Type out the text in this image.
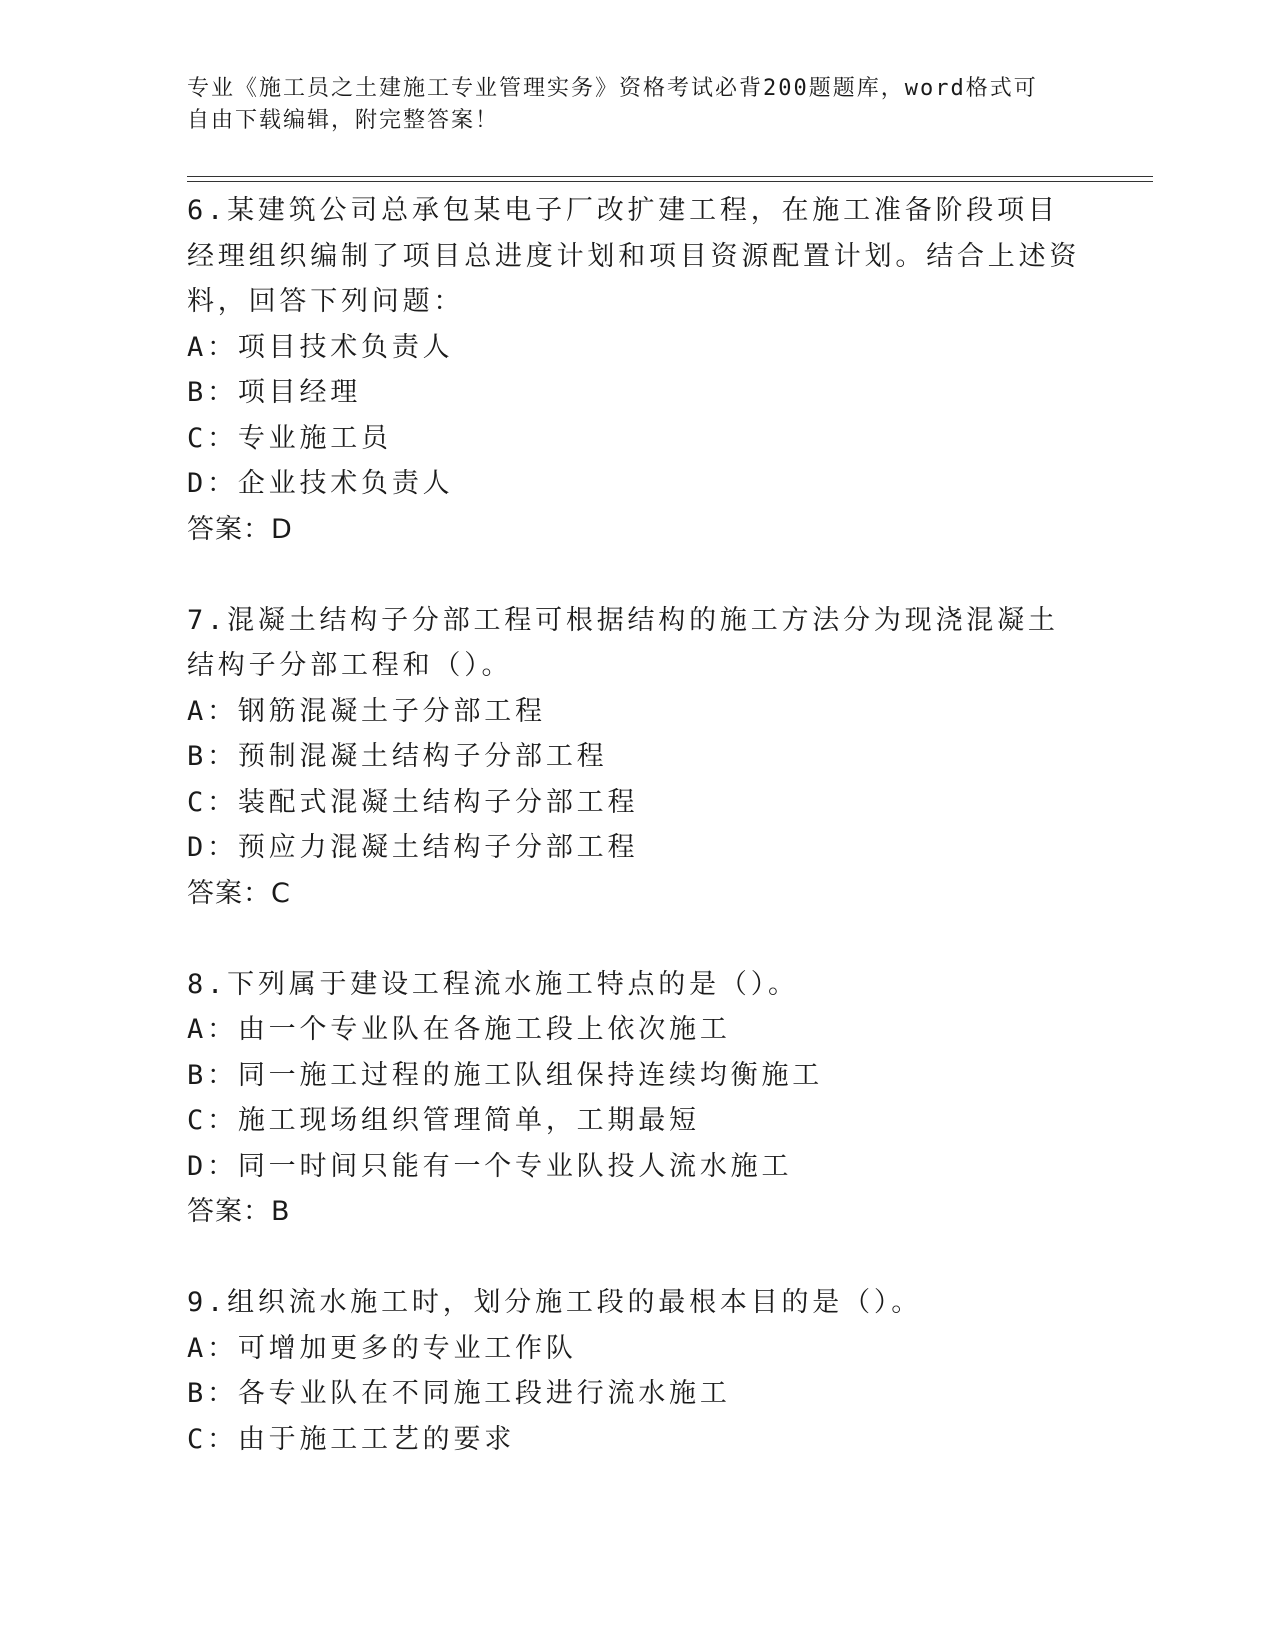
专业《施工员之土建施工专业管理实务》资格考试必背200题题库，word格式可
自由下载编辑，附完整答案！
6.某建筑公司总承包某电子厂改扩建工程，在施工准备阶段项目经理组织编制了项目总进度计划和项目资源配置计划。结合上述资料，回答下列问题：
A：项目技术负责人
B：项目经理
C：专业施工员
D：企业技术负责人
答案：D
7.混凝土结构子分部工程可根据结构的施工方法分为现浇混凝土结构子分部工程和（）。
A：钢筋混凝土子分部工程
B：预制混凝土结构子分部工程
C：装配式混凝土结构子分部工程
D：预应力混凝土结构子分部工程
答案：C
8.下列属于建设工程流水施工特点的是（）。
A：由一个专业队在各施工段上依次施工
B：同一施工过程的施工队组保持连续均衡施工
C：施工现场组织管理简单，工期最短
D：同一时间只能有一个专业队投人流水施工
答案：B
9.组织流水施工时，划分施工段的最根本目的是（）。
A：可增加更多的专业工作队
B：各专业队在不同施工段进行流水施工
C：由于施工工艺的要求
